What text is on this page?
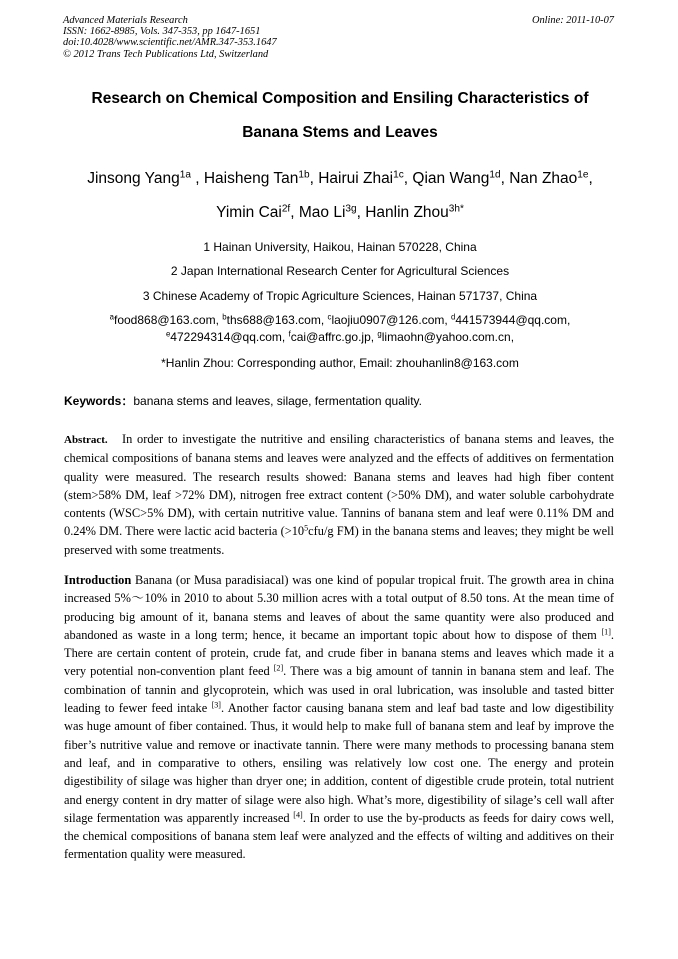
Advanced Materials Research
ISSN: 1662-8985, Vols. 347-353, pp 1647-1651
doi:10.4028/www.scientific.net/AMR.347-353.1647
© 2012 Trans Tech Publications Ltd, Switzerland
Online: 2011-10-07
Research on Chemical Composition and Ensiling Characteristics of
Banana Stems and Leaves
Jinsong Yang$^{1a}$ , Haisheng Tan$^{1b}$, Hairui Zhai$^{1c}$, Qian Wang$^{1d}$, Nan Zhao$^{1e}$,
Yimin Cai$^{2f}$, Mao $Li^{3g}$, Hanlin Zhou$^{3h*}$
1 Hainan University, Haikou, Hainan 570228, China
2 Japan International Research Center for Agricultural Sciences
3 Chinese Academy of Tropic Agriculture Sciences, Hainan 571737, China
$^a$food868@163.com, $^b$ths688@163.com, $^c$laojiu0907@126.com, $^d$441573944@qq.com,
$^e$472294314@qq.com, $^f$cai@affrc.go.jp, $^g$limaohn@yahoo.com.cn,
*Hanlin Zhou: Corresponding author, Email: zhouhanlin8@163.com
Keywords：banana stems and leaves, silage, fermentation quality.

Abstract. In order to investigate the nutritive and ensiling characteristics of banana stems and leaves, the chemical compositions of banana stems and leaves were analyzed and the effects of additives on fermentation quality were measured. The research results showed: Banana stems and leaves had high fiber content (stem>58% DM, leaf >72% DM), nitrogen free extract content (>50% DM), and water soluble carbohydrate contents (WSC>5% DM), with certain nutritive value. Tannins of banana stem and leaf were 0.11% DM and 0.24% DM. There were lactic acid bacteria ($>10^5cfu/g$ FM) in the banana stems and leaves; they might be well preserved with some treatments.

Introduction Banana (or Musa paradisiacal) was one kind of popular tropical fruit. The growth area in china increased 5%～10% in 2010 to about 5.30 million acres with a total output of 8.50 tons. At the mean time of producing big amount of it, banana stems and leaves of about the same quantity were also produced and abandoned as waste in a long term; hence, it became an important topic about how to dispose of them [1]. There are certain content of protein, crude fat, and crude fiber in banana stems and leaves which made it a very potential non-convention plant feed [2]. There was a big amount of tannin in banana stem and leaf. The combination of tannin and glycoprotein, which was used in oral lubrication, was insoluble and tasted bitter leading to fewer feed intake [3]. Another factor causing banana stem and leaf bad taste and low digestibility was huge amount of fiber contained. Thus, it would help to make full of banana stem and leaf by improve the fiber’s nutritive value and remove or inactivate tannin. There were many methods to processing banana stem and leaf, and in comparative to others, ensiling was relatively low cost one. The energy and protein digestibility of silage was higher than dryer one; in addition, content of digestible crude protein, total nutrient and energy content in dry matter of silage were also high. What’s more, digestibility of silage’s cell wall after silage fermentation was apparently increased [4]. In order to use the by-products as feeds for dairy cows well, the chemical compositions of banana stem leaf were analyzed and the effects of wilting and additives on their fermentation quality were measured.
